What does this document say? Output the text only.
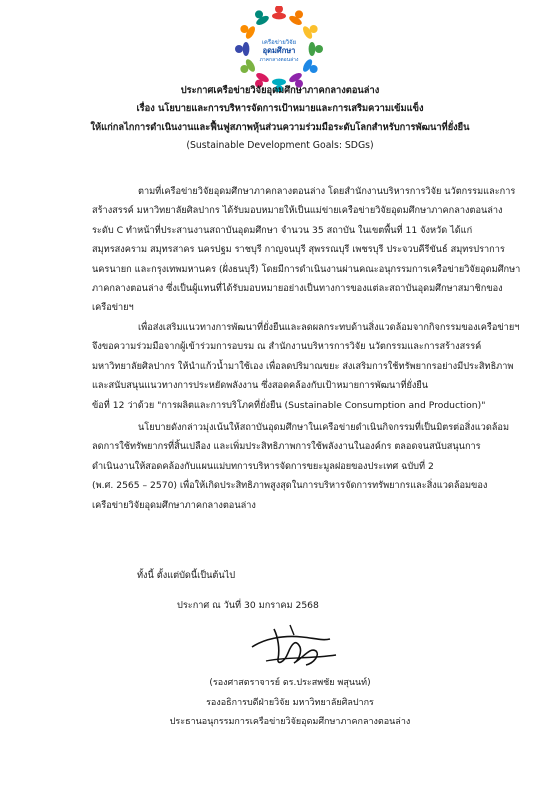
เครือข่ายวิจัย
อุดมศึกษา
ภาคกลางตอนล่าง
ประกาศเครือข่ายวิจัยอุดมศึกษาภาคกลางตอนล่าง
เรื่อง นโยบายและการบริหารจัดการเป้าหมายและการเสริมความเข้มแข็ง
ให้แก่กลไกการดำเนินงานและฟื้นฟูสภาพหุ้นส่วนความร่วมมือระดับโลกสำหรับการพัฒนาที่ยั่งยืน
(Sustainable Development Goals: SDGs)

ตามที่เครือข่ายวิจัยอุดมศึกษาภาคกลางตอนล่าง โดยสำนักงานบริหารการวิจัย นวัตกรรมและการ
สร้างสรรค์ มหาวิทยาลัยศิลปากร ได้รับมอบหมายให้เป็นแม่ข่ายเครือข่ายวิจัยอุดมศึกษาภาคกลางตอนล่าง
ระดับ C ทำหน้าที่ประสานงานสถาบันอุดมศึกษา จำนวน 35 สถาบัน ในเขตพื้นที่ 11 จังหวัด ได้แก่
สมุทรสงคราม สมุทรสาคร นครปฐม ราชบุรี กาญจนบุรี สุพรรณบุรี เพชรบุรี ประจวบคีรีขันธ์ สมุทรปราการ
นครนายก และกรุงเทพมหานคร (ฝั่งธนบุรี) โดยมีการดำเนินงานผ่านคณะอนุกรรมการเครือข่ายวิจัยอุดมศึกษา
ภาคกลางตอนล่าง ซึ่งเป็นผู้แทนที่ได้รับมอบหมายอย่างเป็นทางการของแต่ละสถาบันอุดมศึกษาสมาชิกของ
เครือข่ายฯ

เพื่อส่งเสริมแนวทางการพัฒนาที่ยั่งยืนและลดผลกระทบด้านสิ่งแวดล้อมจากกิจกรรมของเครือข่ายฯ
จึงขอความร่วมมือจากผู้เข้าร่วมการอบรม ณ สำนักงานบริหารการวิจัย นวัตกรรมและการสร้างสรรค์
มหาวิทยาลัยศิลปากร ให้นำแก้วน้ำมาใช้เอง เพื่อลดปริมาณขยะ ส่งเสริมการใช้ทรัพยากรอย่างมีประสิทธิภาพ
และสนับสนุนแนวทางการประหยัดพลังงาน ซึ่งสอดคล้องกับเป้าหมายการพัฒนาที่ยั่งยืน
ข้อที่ 12 ว่าด้วย "การผลิตและการบริโภคที่ยั่งยืน (Sustainable Consumption and Production)"

นโยบายดังกล่าวมุ่งเน้นให้สถาบันอุดมศึกษาในเครือข่ายดำเนินกิจกรรมที่เป็นมิตรต่อสิ่งแวดล้อม
ลดการใช้ทรัพยากรที่สิ้นเปลือง และเพิ่มประสิทธิภาพการใช้พลังงานในองค์กร ตลอดจนสนับสนุนการ
ดำเนินงานให้สอดคล้องกับแผนแม่บทการบริหารจัดการขยะมูลฝอยของประเทศ ฉบับที่ 2
(พ.ศ. 2565 – 2570) เพื่อให้เกิดประสิทธิภาพสูงสุดในการบริหารจัดการทรัพยากรและสิ่งแวดล้อมของ
เครือข่ายวิจัยอุดมศึกษาภาคกลางตอนล่าง

ทั้งนี้ ตั้งแต่บัดนี้เป็นต้นไป
ประกาศ ณ วันที่ 30 มกราคม 2568
(รองศาสตราจารย์ ดร.ประสพชัย พสุนนท์)
รองอธิการบดีฝ่ายวิจัย มหาวิทยาลัยศิลปากร
ประธานอนุกรรมการเครือข่ายวิจัยอุดมศึกษาภาคกลางตอนล่าง
